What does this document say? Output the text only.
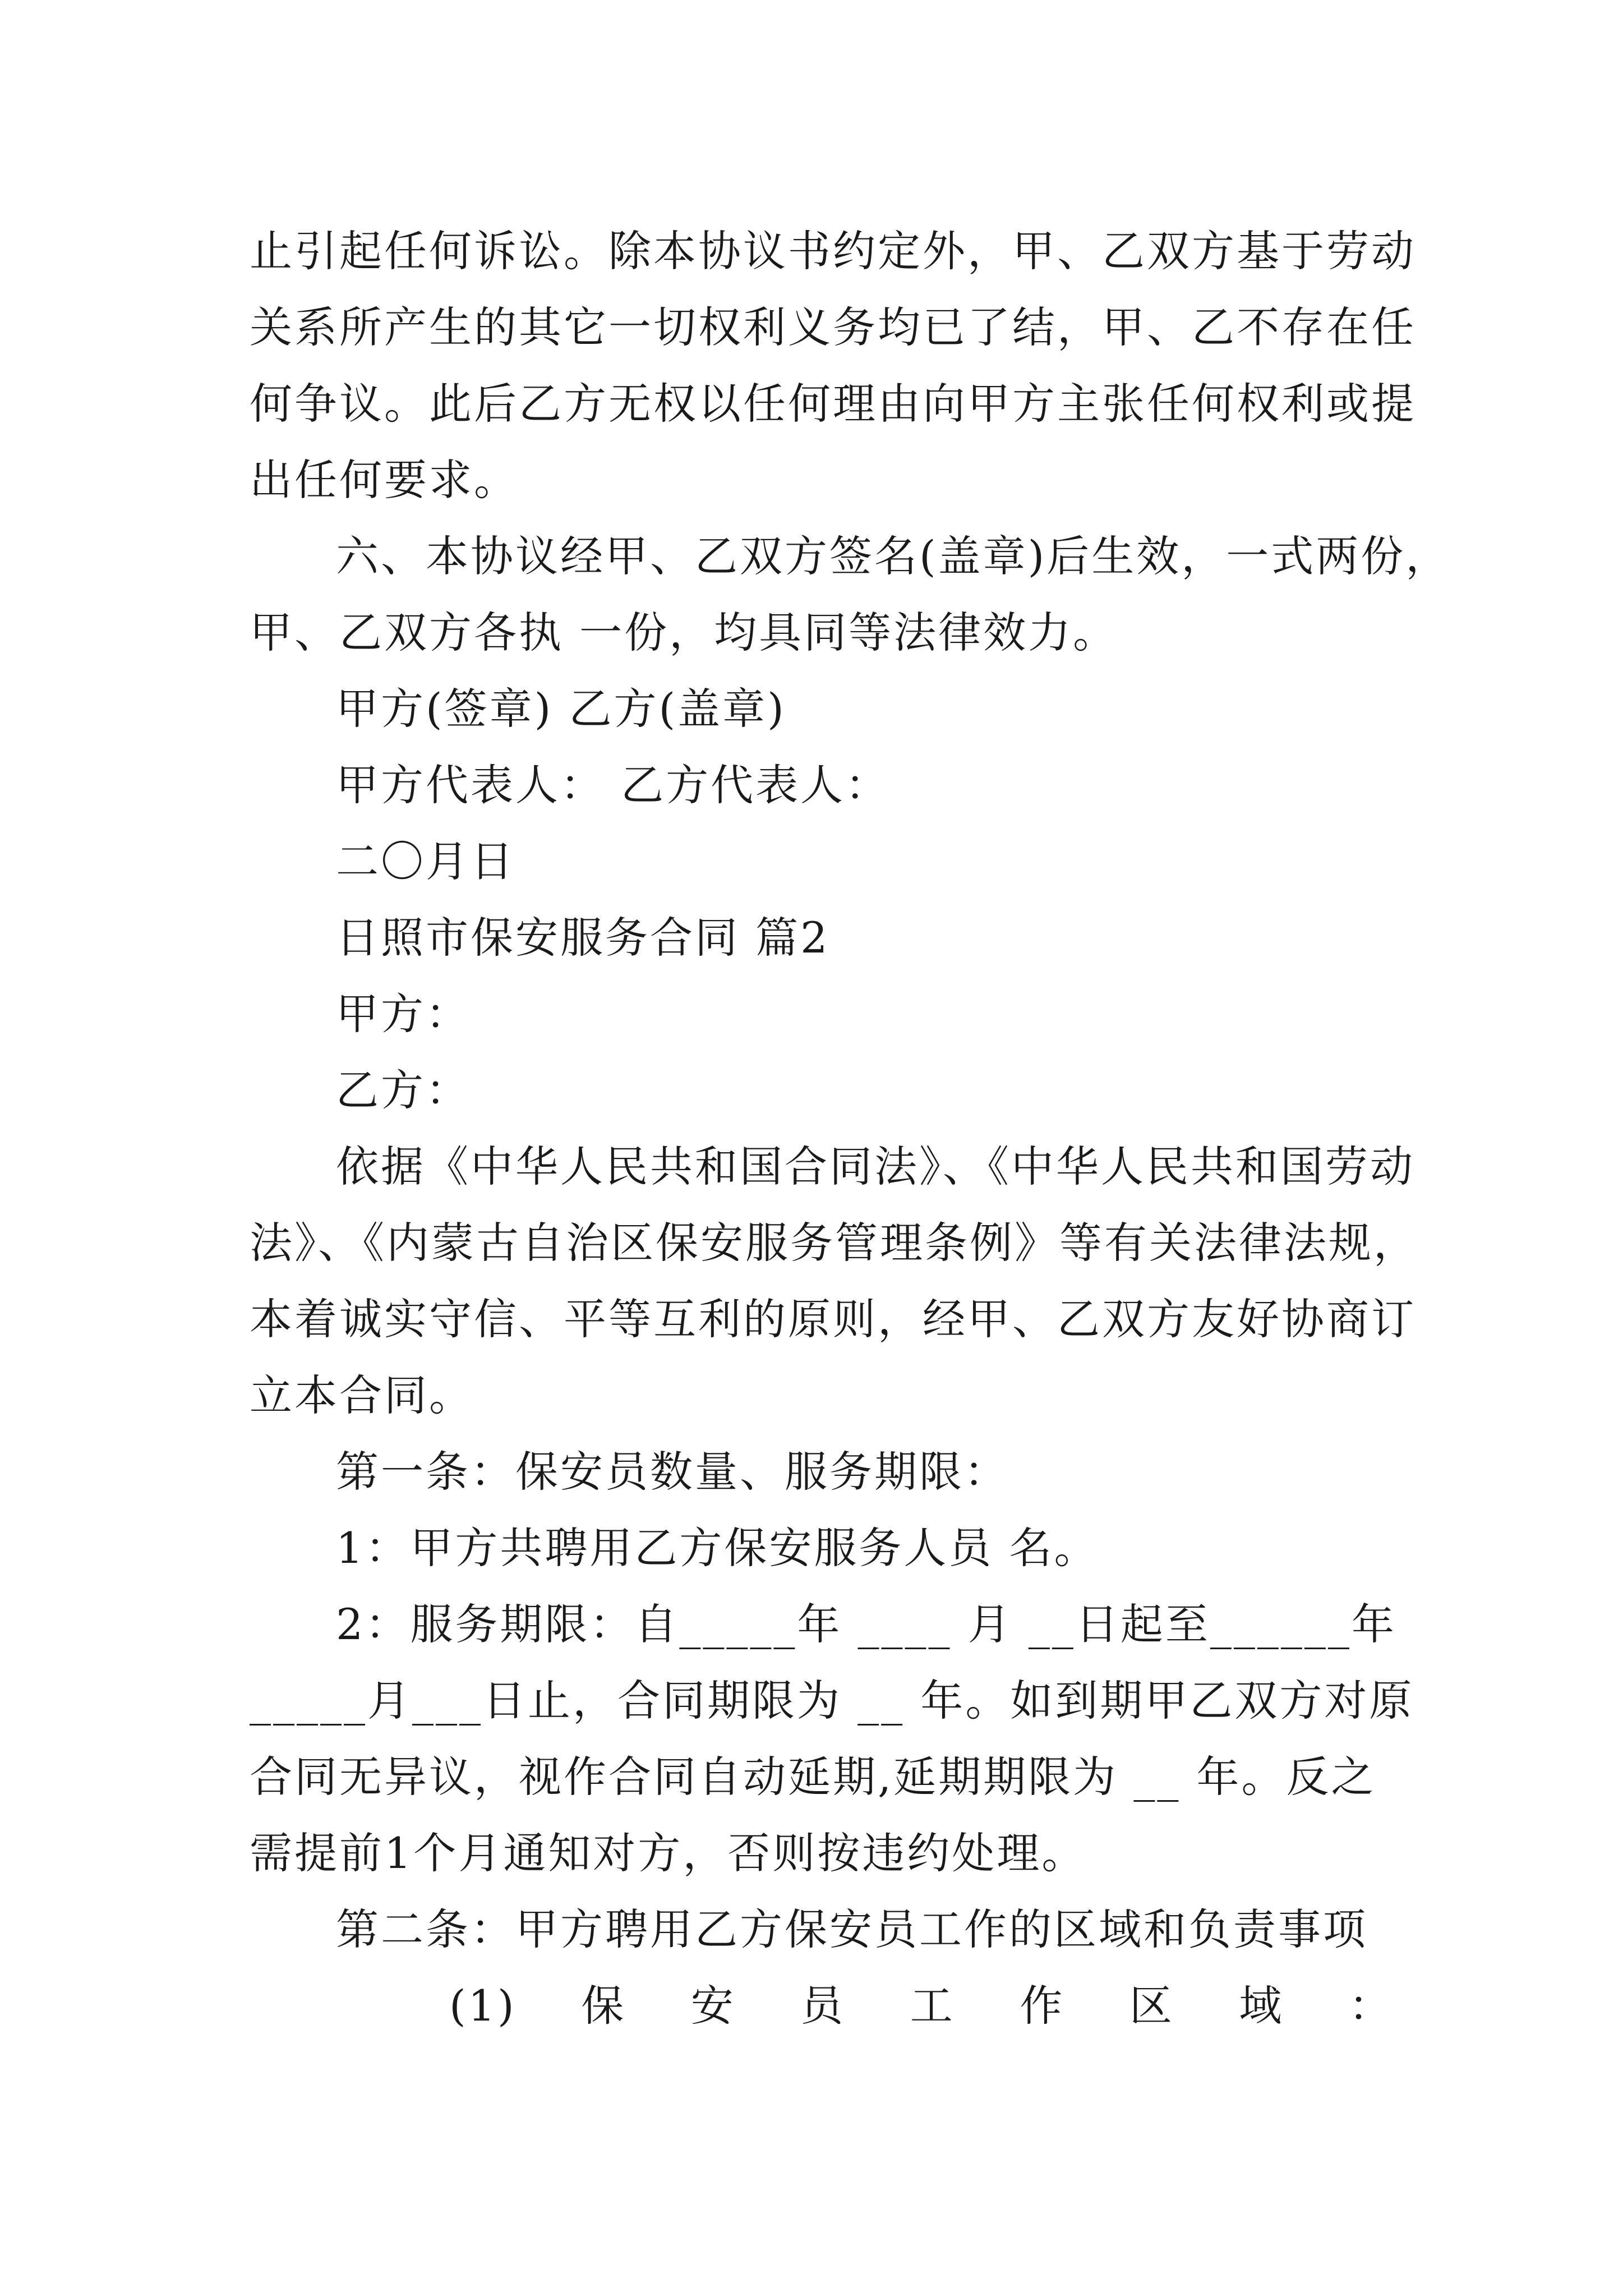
止引起任何诉讼。除本协议书约定外，甲、乙双方基于劳动
关系所产生的其它一切权利义务均已了结，甲、乙不存在任
何争议。此后乙方无权以任何理由向甲方主张任何权利或提
出任何要求。
六、本协议经甲、乙双方签名(盖章)后生效，一式两份，
甲、乙双方各执 一份，均具同等法律效力。
甲方(签章) 乙方(盖章)
甲方代表人： 乙方代表人：
二〇月日
日照市保安服务合同 篇2
甲方：
乙方：
依据《中华人民共和国合同法》、《中华人民共和国劳动
法》、《内蒙古自治区保安服务管理条例》等有关法律法规，
本着诚实守信、平等互利的原则，经甲、乙双方友好协商订
立本合同。
第一条：保安员数量、服务期限：
1：甲方共聘用乙方保安服务人员 名。
2：服务期限：自_____年 ____ 月 __日起至______年
_____月___日止，合同期限为 __ 年。如到期甲乙双方对原
合同无异议，视作合同自动延期,延期期限为 __ 年。反之
需提前1个月通知对方，否则按违约处理。
第二条：甲方聘用乙方保安员工作的区域和负责事项
(1) 保 安 员 工 作 区 域 ：
